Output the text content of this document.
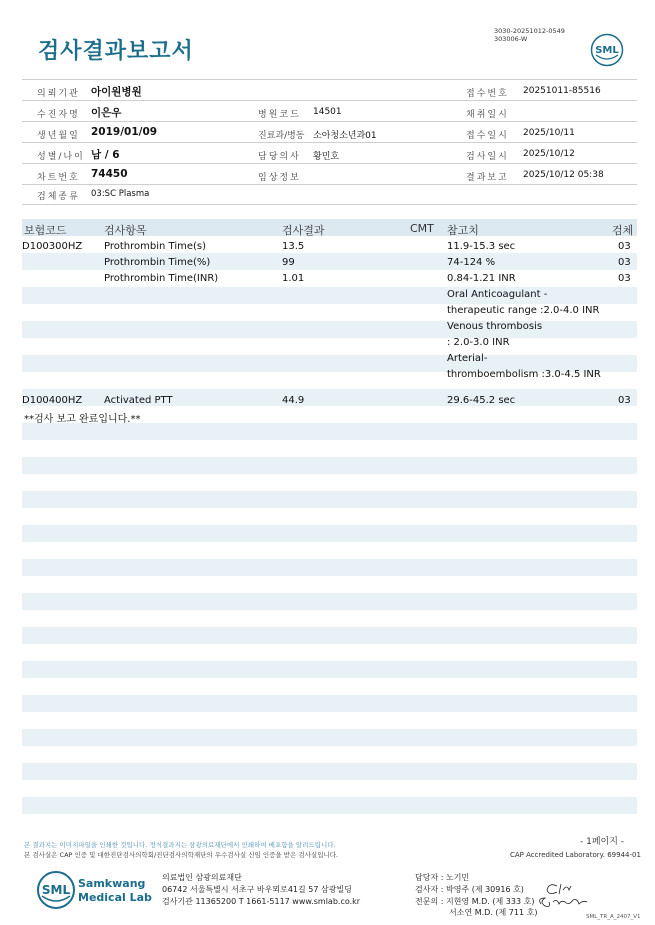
검사결과보고서
3030-20251012-0549
303006-W
SML
의뢰기관 아이원병원	접수번호 20251011-85516
수진자명 이은우	병원코드 14501	채취일시
생년월일 2019/01/09	진료과/병동 소아청소년과01	접수일시 2025/10/11
성별/나이 남 / 6	담당의사 황민호	검사일시 2025/10/12
차트번호 74450	임상정보	결과보고 2025/10/12 05:38
검체종류 03:SC Plasma
보험코드	검사항목	검사결과	CMT 참고치	검체
D100300HZ Prothrombin Time(s)	13.5	11.9-15.3 sec	03
Prothrombin Time(%)	99	74-124 %	03
Prothrombin Time(INR)	1.01	0.84-1.21 INR	03
Oral Anticoagulant -
therapeutic range :2.0-4.0 INR
Venous thrombosis
: 2.0-3.0 INR
Arterial-
thromboembolism :3.0-4.5 INR
D100400HZ Activated PTT	44.9	29.6-45.2 sec	03
**검사 보고 완료입니다.**
본 결과지는 이미지파일을 인쇄한 것입니다. 정식결과지는 삼광의료재단에서 인쇄하여 배포함을 알려드립니다.
본 검사실은 CAP 인증 및 대한진단검사의학회/진단검사의학재단의 우수검사실 신임 인증을 받은 검사실입니다.
- 1페이지 -
CAP Accredited Laboratory. 69944-01
SML Samkwang
Medical Lab
의료법인 삼광의료재단
06742 서울특별시 서초구 바우뫼로41길 57 삼광빌딩
검사기관 11365200 T 1661-5117 www.smlab.co.kr
담당자 : 노기민
검사자 : 박영주 (제 30916 호)
전문의 : 지현영 M.D. (제 333 호)
서소연 M.D. (제 711 호)	SML_TR_A_2407_V1
